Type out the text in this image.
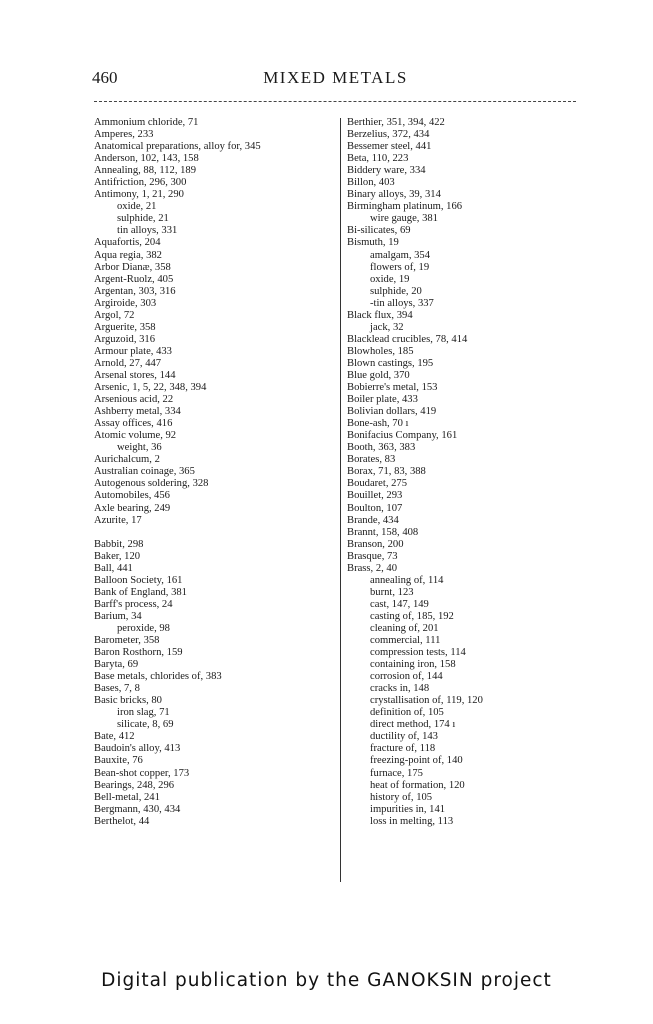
460	MIXED METALS
Ammonium chloride, 71
Amperes, 233
Anatomical preparations, alloy for, 345
Anderson, 102, 143, 158
Annealing, 88, 112, 189
Antifriction, 296, 300
Antimony, 1, 21, 290
oxide, 21
sulphide, 21
tin alloys, 331
Aquafortis, 204
Aqua regia, 382
Arbor Dianæ, 358
Argent-Ruolz, 405
Argentan, 303, 316
Argiroide, 303
Argol, 72
Arguerite, 358
Arguzoid, 316
Armour plate, 433
Arnold, 27, 447
Arsenal stores, 144
Arsenic, 1, 5, 22, 348, 394
Arsenious acid, 22
Ashberry metal, 334
Assay offices, 416
Atomic volume, 92
weight, 36
Aurichalcum, 2
Australian coinage, 365
Autogenous soldering, 328
Automobiles, 456
Axle bearing, 249
Azurite, 17
Babbit, 298
Baker, 120
Ball, 441
Balloon Society, 161
Bank of England, 381
Barff's process, 24
Barium, 34
peroxide, 98
Barometer, 358
Baron Rosthorn, 159
Baryta, 69
Base metals, chlorides of, 383
Bases, 7, 8
Basic bricks, 80
iron slag, 71
silicate, 8, 69
Bate, 412
Baudoin's alloy, 413
Bauxite, 76
Bean-shot copper, 173
Bearings, 248, 296
Bell-metal, 241
Bergmann, 430, 434
Berthelot, 44
Berthier, 351, 394, 422
Berzelius, 372, 434
Bessemer steel, 441
Beta, 110, 223
Biddery ware, 334
Billon, 403
Binary alloys, 39, 314
Birmingham platinum, 166
wire gauge, 381
Bi-silicates, 69
Bismuth, 19
amalgam, 354
flowers of, 19
oxide, 19
sulphide, 20
-tin alloys, 337
Black flux, 394
jack, 32
Blacklead crucibles, 78, 414
Blowholes, 185
Blown castings, 195
Blue gold, 370
Bobierre's metal, 153
Boiler plate, 433
Bolivian dollars, 419
Bone-ash, 70 ı
Bonifacius Company, 161
Booth, 363, 383
Borates, 83
Borax, 71, 83, 388
Boudaret, 275
Bouillet, 293
Boulton, 107
Brande, 434
Brannt, 158, 408
Branson, 200
Brasque, 73
Brass, 2, 40
annealing of, 114
burnt, 123
cast, 147, 149
casting of, 185, 192
cleaning of, 201
commercial, 111
compression tests, 114
containing iron, 158
corrosion of, 144
cracks in, 148
crystallisation of, 119, 120
definition of, 105
direct method, 174 ı
ductility of, 143
fracture of, 118
freezing-point of, 140
furnace, 175
heat of formation, 120
history of, 105
impurities in, 141
loss in melting, 113
Digital publication by the GANOKSIN project
